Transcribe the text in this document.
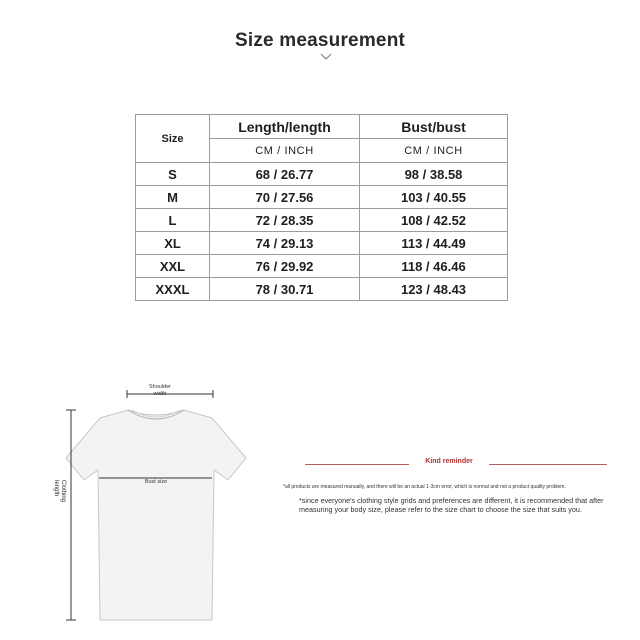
Size measurement
Size	Length/length	Bust/bust
	CM / INCH	CM / INCH
S	68 / 26.77	98 / 38.58
M	70 / 27.56	103 / 40.55
L	72 / 28.35	108 / 42.52
XL	74 / 29.13	113 / 44.49
XXL	76 / 29.92	118 / 46.46
XXXL	78 / 30.71	123 / 48.43
Shoulder
width
Bust size
Clothing
length
Kind reminder
*all products are measured manually, and there will be an actual 1-3cm error, which is normal and not a product quality problem.
*since everyone's clothing style grids and preferences are different, it is recommended that after measuring your body size, please refer to the size chart to choose the size that suits you.
